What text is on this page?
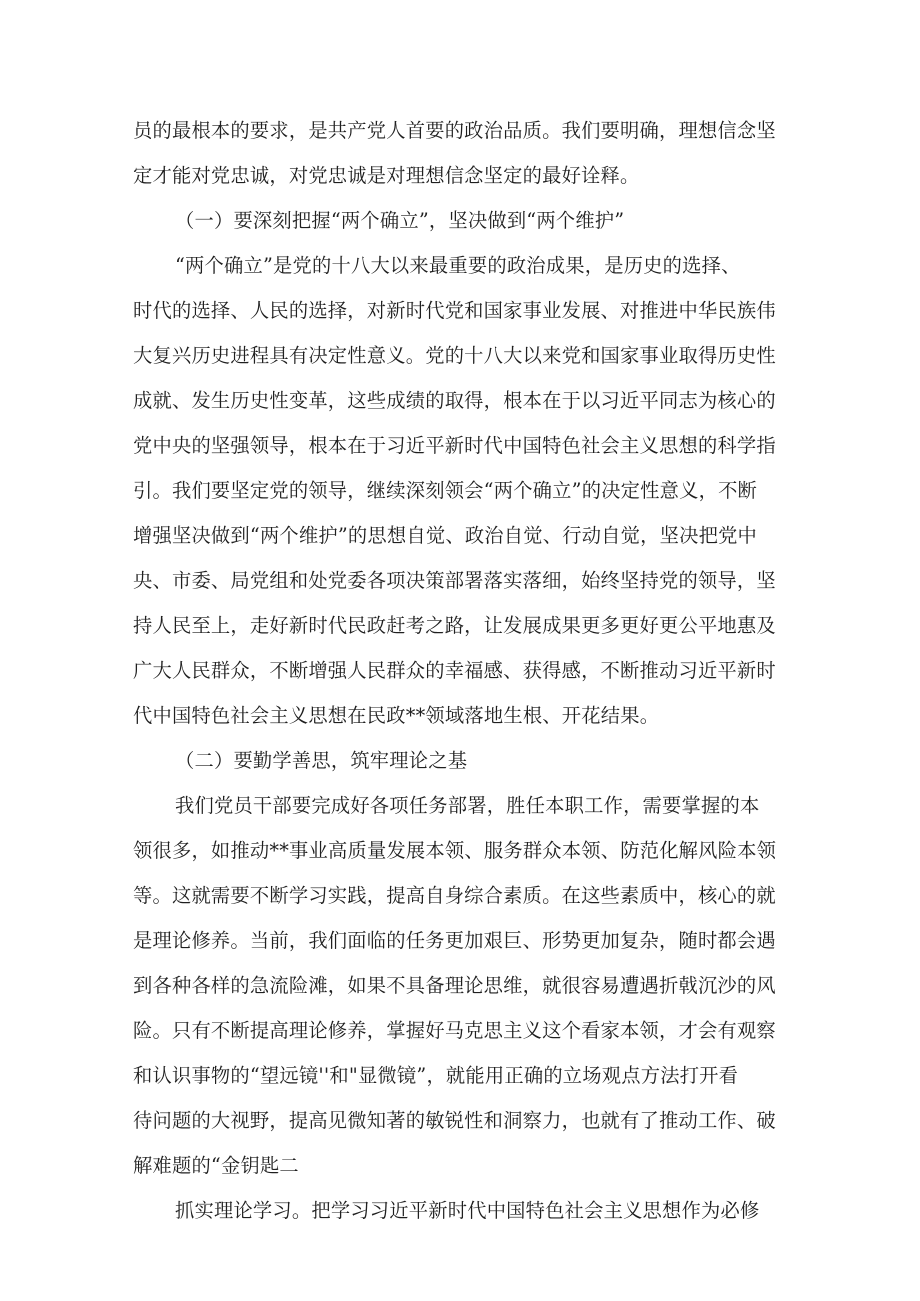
员的最根本的要求，是共产党人首要的政治品质。我们要明确，理想信念坚
定才能对党忠诚，对党忠诚是对理想信念坚定的最好诠释。
（一）要深刻把握“两个确立”，坚决做到“两个维护”
“两个确立”是党的十八大以来最重要的政治成果，是历史的选择、
时代的选择、人民的选择，对新时代党和国家事业发展、对推进中华民族伟
大复兴历史进程具有决定性意义。党的十八大以来党和国家事业取得历史性
成就、发生历史性变革，这些成绩的取得，根本在于以习近平同志为核心的
党中央的坚强领导，根本在于习近平新时代中国特色社会主义思想的科学指
引。我们要坚定党的领导，继续深刻领会“两个确立”的决定性意义，不断
增强坚决做到“两个维护”的思想自觉、政治自觉、行动自觉，坚决把党中
央、市委、局党组和处党委各项决策部署落实落细，始终坚持党的领导，坚
持人民至上，走好新时代民政赶考之路，让发展成果更多更好更公平地惠及
广大人民群众，不断增强人民群众的幸福感、获得感，不断推动习近平新时
代中国特色社会主义思想在民政**领域落地生根、开花结果。
（二）要勤学善思，筑牢理论之基
我们党员干部要完成好各项任务部署，胜任本职工作，需要掌握的本
领很多，如推动**事业高质量发展本领、服务群众本领、防范化解风险本领
等。这就需要不断学习实践，提高自身综合素质。在这些素质中，核心的就
是理论修养。当前，我们面临的任务更加艰巨、形势更加复杂，随时都会遇
到各种各样的急流险滩，如果不具备理论思维，就很容易遭遇折戟沉沙的风
险。只有不断提高理论修养，掌握好马克思主义这个看家本领，才会有观察
和认识事物的“望远镜''和"显微镜”，就能用正确的立场观点方法打开看
待问题的大视野，提高见微知著的敏锐性和洞察力，也就有了推动工作、破
解难题的“金钥匙二
抓实理论学习。把学习习近平新时代中国特色社会主义思想作为必修
